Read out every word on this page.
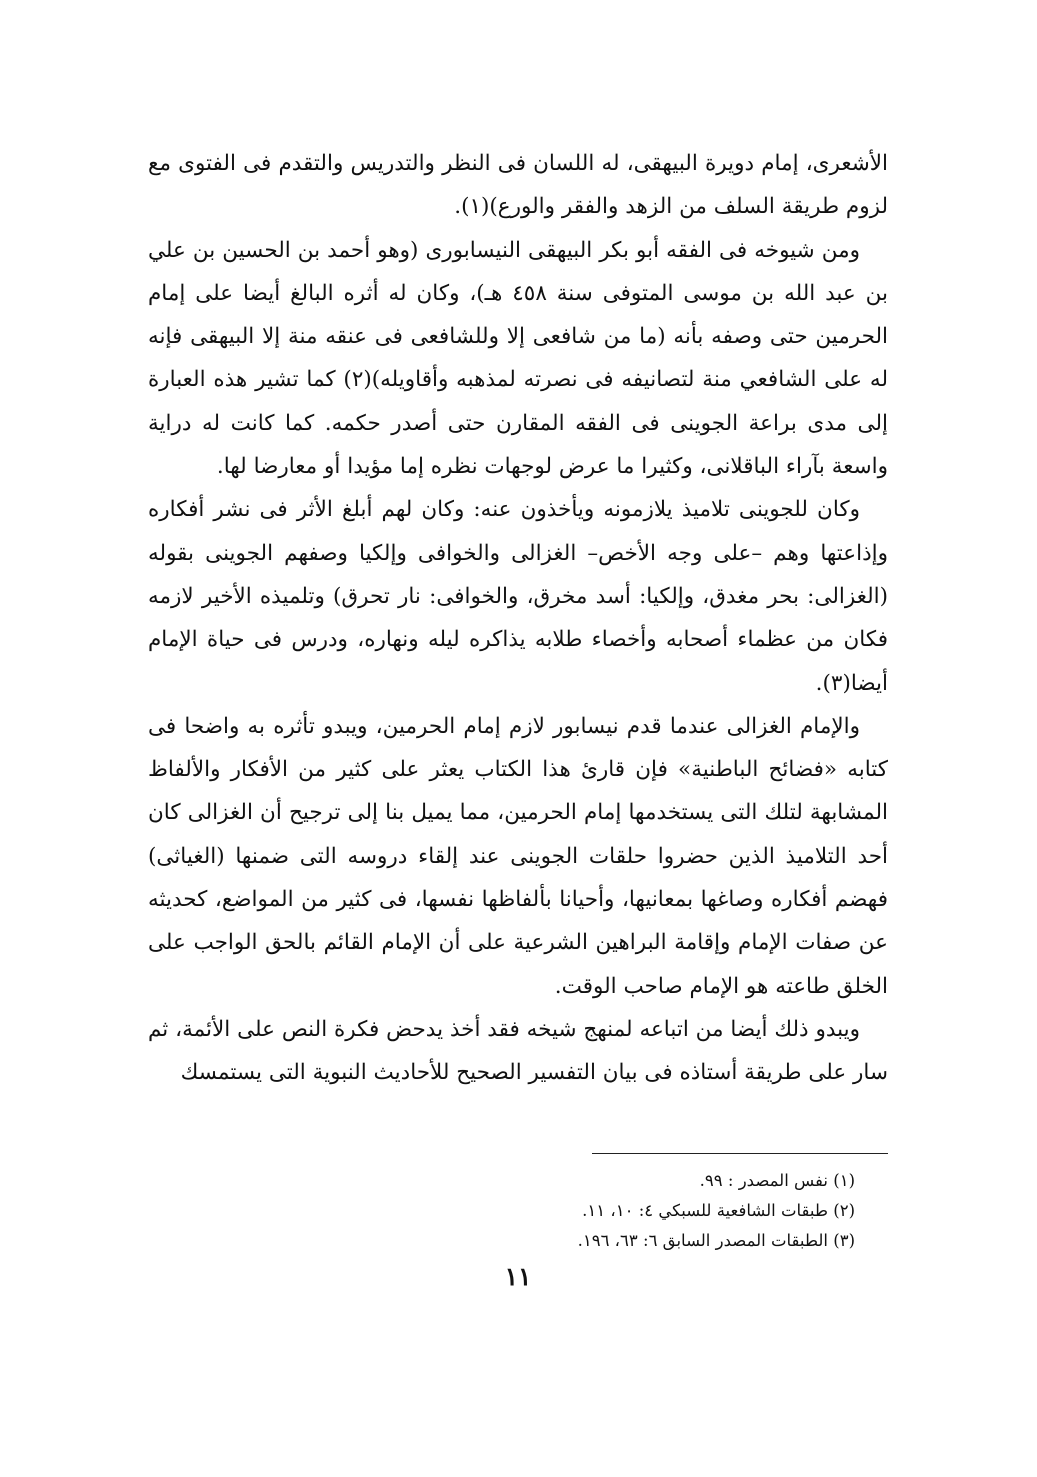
الأشعرى، إمام دويرة البيهقى، له اللسان فى النظر والتدريس والتقدم فى الفتوى مع لزوم طريقة السلف من الزهد والفقر والورع)(١).

ومن شيوخه فى الفقه أبو بكر البيهقى النيسابورى (وهو أحمد بن الحسين بن علي بن عبد الله بن موسى المتوفى سنة ٤٥٨ هـ)، وكان له أثره البالغ أيضا على إمام الحرمين حتى وصفه بأنه (ما من شافعى إلا وللشافعى فى عنقه منة إلا البيهقى فإنه له على الشافعي منة لتصانيفه فى نصرته لمذهبه وأقاويله)(٢) كما تشير هذه العبارة إلى مدى براعة الجوينى فى الفقه المقارن حتى أصدر حكمه. كما كانت له دراية واسعة بآراء الباقلانى، وكثيرا ما عرض لوجهات نظره إما مؤيدا أو معارضا لها.

وكان للجوينى تلاميذ يلازمونه ويأخذون عنه: وكان لهم أبلغ الأثر فى نشر أفكاره وإذاعتها وهم –على وجه الأخص– الغزالى والخوافى وإلكيا وصفهم الجوينى بقوله (الغزالى: بحر مغدق، وإلكيا: أسد مخرق، والخوافى: نار تحرق) وتلميذه الأخير لازمه فكان من عظماء أصحابه وأخصاء طلابه يذاكره ليله ونهاره، ودرس فى حياة الإمام أيضا(٣).

والإمام الغزالى عندما قدم نيسابور لازم إمام الحرمين، ويبدو تأثره به واضحا فى كتابه «فضائح الباطنية» فإن قارئ هذا الكتاب يعثر على كثير من الأفكار والألفاظ المشابهة لتلك التى يستخدمها إمام الحرمين، مما يميل بنا إلى ترجيح أن الغزالى كان أحد التلاميذ الذين حضروا حلقات الجوينى عند إلقاء دروسه التى ضمنها (الغياثى) فهضم أفكاره وصاغها بمعانيها، وأحيانا بألفاظها نفسها، فى كثير من المواضع، كحديثه عن صفات الإمام وإقامة البراهين الشرعية على أن الإمام القائم بالحق الواجب على الخلق طاعته هو الإمام صاحب الوقت.

ويبدو ذلك أيضا من اتباعه لمنهج شيخه فقد أخذ يدحض فكرة النص على الأئمة، ثم سار على طريقة أستاذه فى بيان التفسير الصحيح للأحاديث النبوية التى يستمسك

(١) نفس المصدر : ٩٩.
(٢) طبقات الشافعية للسبكي ٤: ١٠، ١١.
(٣) الطبقات المصدر السابق ٦: ٦٣، ١٩٦.
١١
